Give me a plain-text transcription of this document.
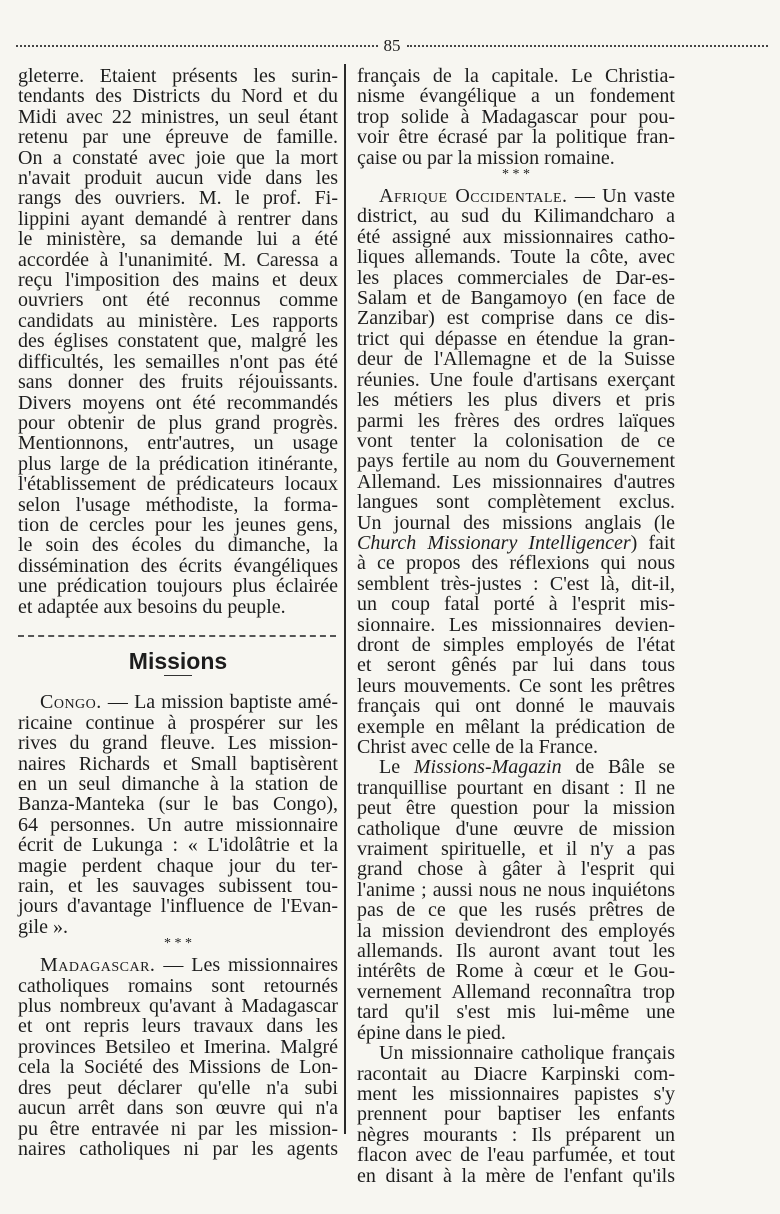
85
gleterre. Etaient présents les surin-
tendants des Districts du Nord et du
Midi avec 22 ministres, un seul étant
retenu par une épreuve de famille.
On a constaté avec joie que la mort
n'avait produit aucun vide dans les
rangs des ouvriers. M. le prof. Fi-
lippini ayant demandé à rentrer dans
le ministère, sa demande lui a été
accordée à l'unanimité. M. Caressa a
reçu l'imposition des mains et deux
ouvriers ont été reconnus comme
candidats au ministère. Les rapports
des églises constatent que, malgré les
difficultés, les semailles n'ont pas été
sans donner des fruits réjouissants.
Divers moyens ont été recommandés
pour obtenir de plus grand progrès.
Mentionnons, entr'autres, un usage
plus large de la prédication itinérante,
l'établissement de prédicateurs locaux
selon l'usage méthodiste, la forma-
tion de cercles pour les jeunes gens,
le soin des écoles du dimanche, la
dissémination des écrits évangéliques
une prédication toujours plus éclairée
et adaptée aux besoins du peuple.
Missions
Congo. — La mission baptiste amé-
ricaine continue à prospérer sur les
rives du grand fleuve. Les mission-
naires Richards et Small baptisèrent
en un seul dimanche à la station de
Banza-Manteka (sur le bas Congo),
64 personnes. Un autre missionnaire
écrit de Lukunga : « L'idolâtrie et la
magie perdent chaque jour du ter-
rain, et les sauvages subissent tou-
jours d'avantage l'influence de l'Evan-
gile ».
* * *
Madagascar. — Les missionnaires
catholiques romains sont retournés
plus nombreux qu'avant à Madagascar
et ont repris leurs travaux dans les
provinces Betsileo et Imerina. Malgré
cela la Société des Missions de Lon-
dres peut déclarer qu'elle n'a subi
aucun arrêt dans son œuvre qui n'a
pu être entravée ni par les mission-
naires catholiques ni par les agents
français de la capitale. Le Christia-
nisme évangélique a un fondement
trop solide à Madagascar pour pou-
voir être écrasé par la politique fran-
çaise ou par la mission romaine.
* * *
Afrique Occidentale. — Un vaste
district, au sud du Kilimandcharo a
été assigné aux missionnaires catho-
liques allemands. Toute la côte, avec
les places commerciales de Dar-es-
Salam et de Bangamoyo (en face de
Zanzibar) est comprise dans ce dis-
trict qui dépasse en étendue la gran-
deur de l'Allemagne et de la Suisse
réunies. Une foule d'artisans exerçant
les métiers les plus divers et pris
parmi les frères des ordres laïques
vont tenter la colonisation de ce
pays fertile au nom du Gouvernement
Allemand. Les missionnaires d'autres
langues sont complètement exclus.
Un journal des missions anglais (le
Church Missionary Intelligencer) fait
à ce propos des réflexions qui nous
semblent très-justes : C'est là, dit-il,
un coup fatal porté à l'esprit mis-
sionnaire. Les missionnaires devien-
dront de simples employés de l'état
et seront gênés par lui dans tous
leurs mouvements. Ce sont les prêtres
français qui ont donné le mauvais
exemple en mêlant la prédication de
Christ avec celle de la France.
Le Missions-Magazin de Bâle se
tranquillise pourtant en disant : Il ne
peut être question pour la mission
catholique d'une œuvre de mission
vraiment spirituelle, et il n'y a pas
grand chose à gâter à l'esprit qui
l'anime ; aussi nous ne nous inquiétons
pas de ce que les rusés prêtres de
la mission deviendront des employés
allemands. Ils auront avant tout les
intérêts de Rome à cœur et le Gou-
vernement Allemand reconnaîtra trop
tard qu'il s'est mis lui-même une
épine dans le pied.
Un missionnaire catholique français
racontait au Diacre Karpinski com-
ment les missionnaires papistes s'y
prennent pour baptiser les enfants
nègres mourants : Ils préparent un
flacon avec de l'eau parfumée, et tout
en disant à la mère de l'enfant qu'ils
